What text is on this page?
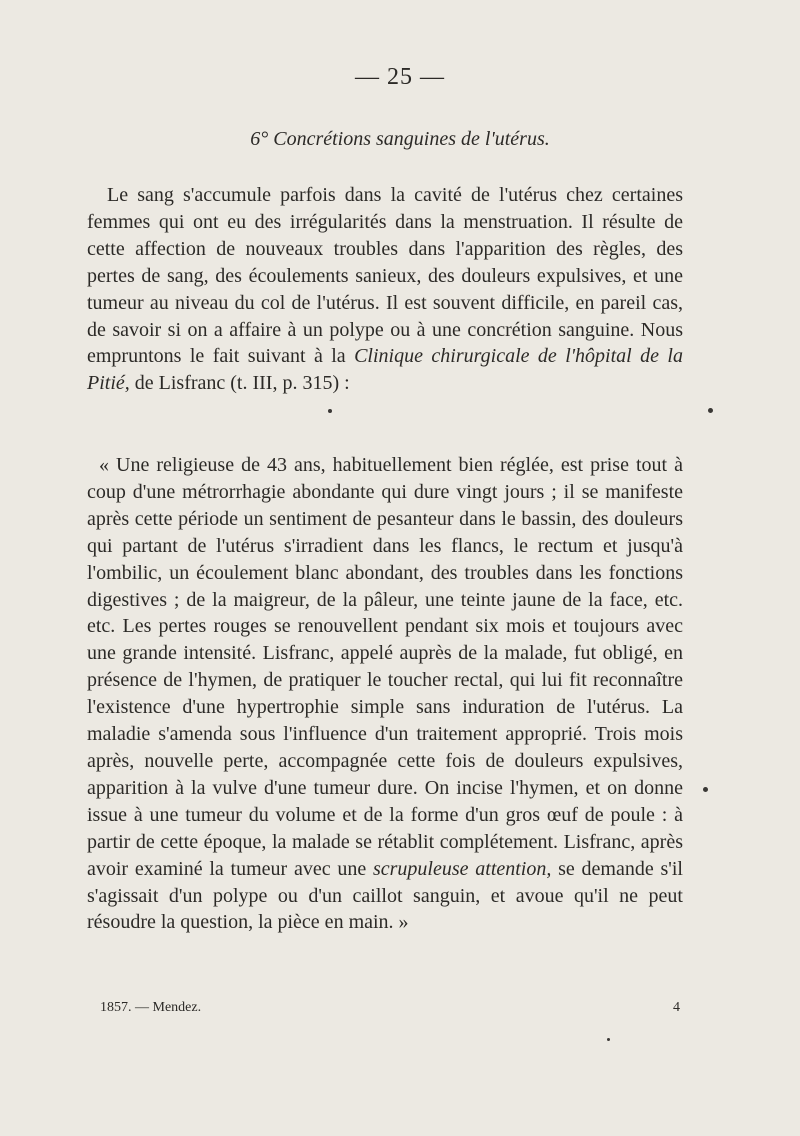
— 25 —
6° Concrétions sanguines de l'utérus.

Le sang s'accumule parfois dans la cavité de l'utérus chez certaines femmes qui ont eu des irrégularités dans la menstruation. Il résulte de cette affection de nouveaux troubles dans l'apparition des règles, des pertes de sang, des écoulements sanieux, des douleurs expulsives, et une tumeur au niveau du col de l'utérus. Il est souvent difficile, en pareil cas, de savoir si on a affaire à un polype ou à une concrétion sanguine. Nous empruntons le fait suivant à la Clinique chirurgicale de l'hôpital de la Pitié, de Lisfranc (t. III, p. 315) :

« Une religieuse de 43 ans, habituellement bien réglée, est prise tout à coup d'une métrorrhagie abondante qui dure vingt jours ; il se manifeste après cette période un sentiment de pesanteur dans le bassin, des douleurs qui partant de l'utérus s'irradient dans les flancs, le rectum et jusqu'à l'ombilic, un écoulement blanc abondant, des troubles dans les fonctions digestives ; de la maigreur, de la pâleur, une teinte jaune de la face, etc. etc. Les pertes rouges se renouvellent pendant six mois et toujours avec une grande intensité. Lisfranc, appelé auprès de la malade, fut obligé, en présence de l'hymen, de pratiquer le toucher rectal, qui lui fit reconnaître l'existence d'une hypertrophie simple sans induration de l'utérus. La maladie s'amenda sous l'influence d'un traitement approprié. Trois mois après, nouvelle perte, accompagnée cette fois de douleurs expulsives, apparition à la vulve d'une tumeur dure. On incise l'hymen, et on donne issue à une tumeur du volume et de la forme d'un gros œuf de poule : à partir de cette époque, la malade se rétablit complétement. Lisfranc, après avoir examiné la tumeur avec une scrupuleuse attention, se demande s'il s'agissait d'un polype ou d'un caillot sanguin, et avoue qu'il ne peut résoudre la question, la pièce en main. »

1857. — Mendez.	4
